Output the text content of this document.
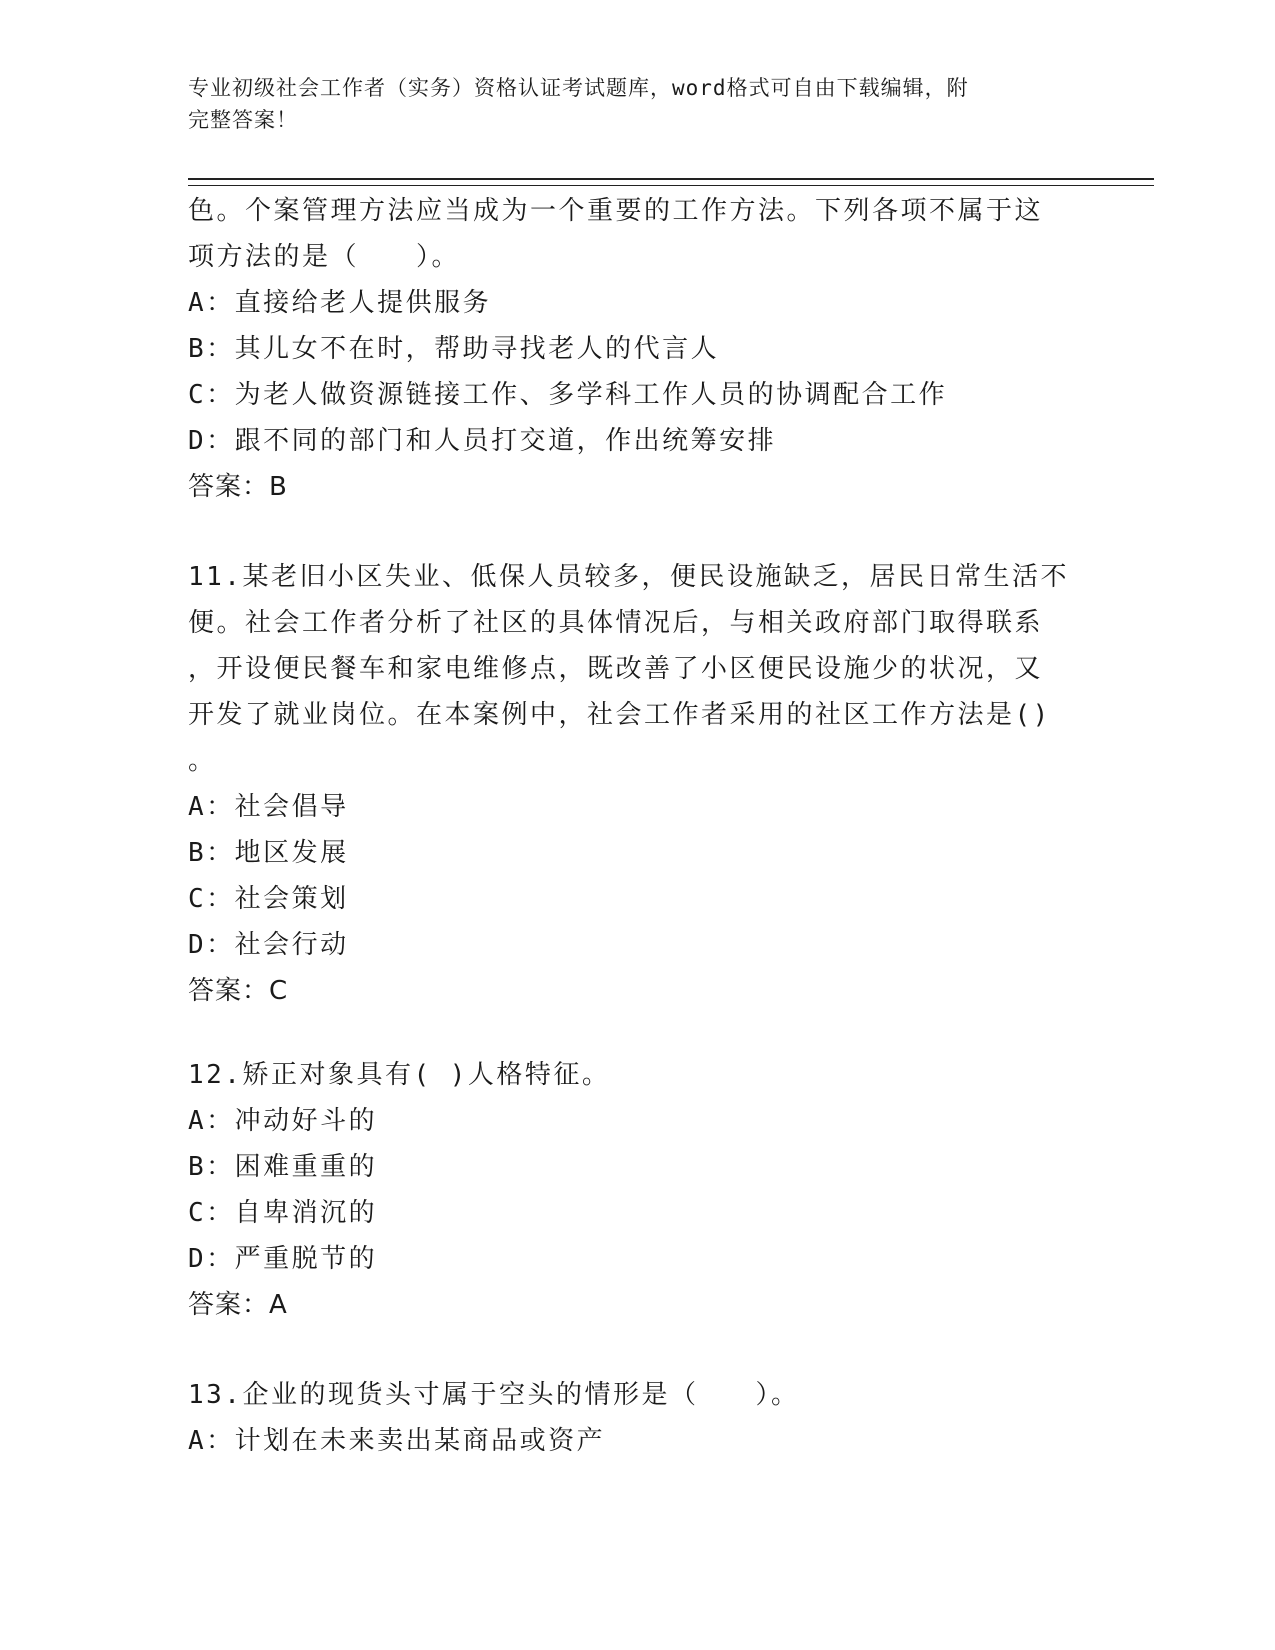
专业初级社会工作者（实务）资格认证考试题库，word格式可自由下载编辑，附
完整答案！
色。个案管理方法应当成为一个重要的工作方法。下列各项不属于这
项方法的是（　　）。
A：直接给老人提供服务
B：其儿女不在时，帮助寻找老人的代言人
C：为老人做资源链接工作、多学科工作人员的协调配合工作
D：跟不同的部门和人员打交道，作出统筹安排
答案：B
11.某老旧小区失业、低保人员较多，便民设施缺乏，居民日常生活不
便。社会工作者分析了社区的具体情况后，与相关政府部门取得联系
，开设便民餐车和家电维修点，既改善了小区便民设施少的状况，又
开发了就业岗位。在本案例中，社会工作者采用的社区工作方法是()
。
A：社会倡导
B：地区发展
C：社会策划
D：社会行动
答案：C
12.矫正对象具有( )人格特征。
A：冲动好斗的
B：困难重重的
C：自卑消沉的
D：严重脱节的
答案：A
13.企业的现货头寸属于空头的情形是（　　）。
A：计划在未来卖出某商品或资产
